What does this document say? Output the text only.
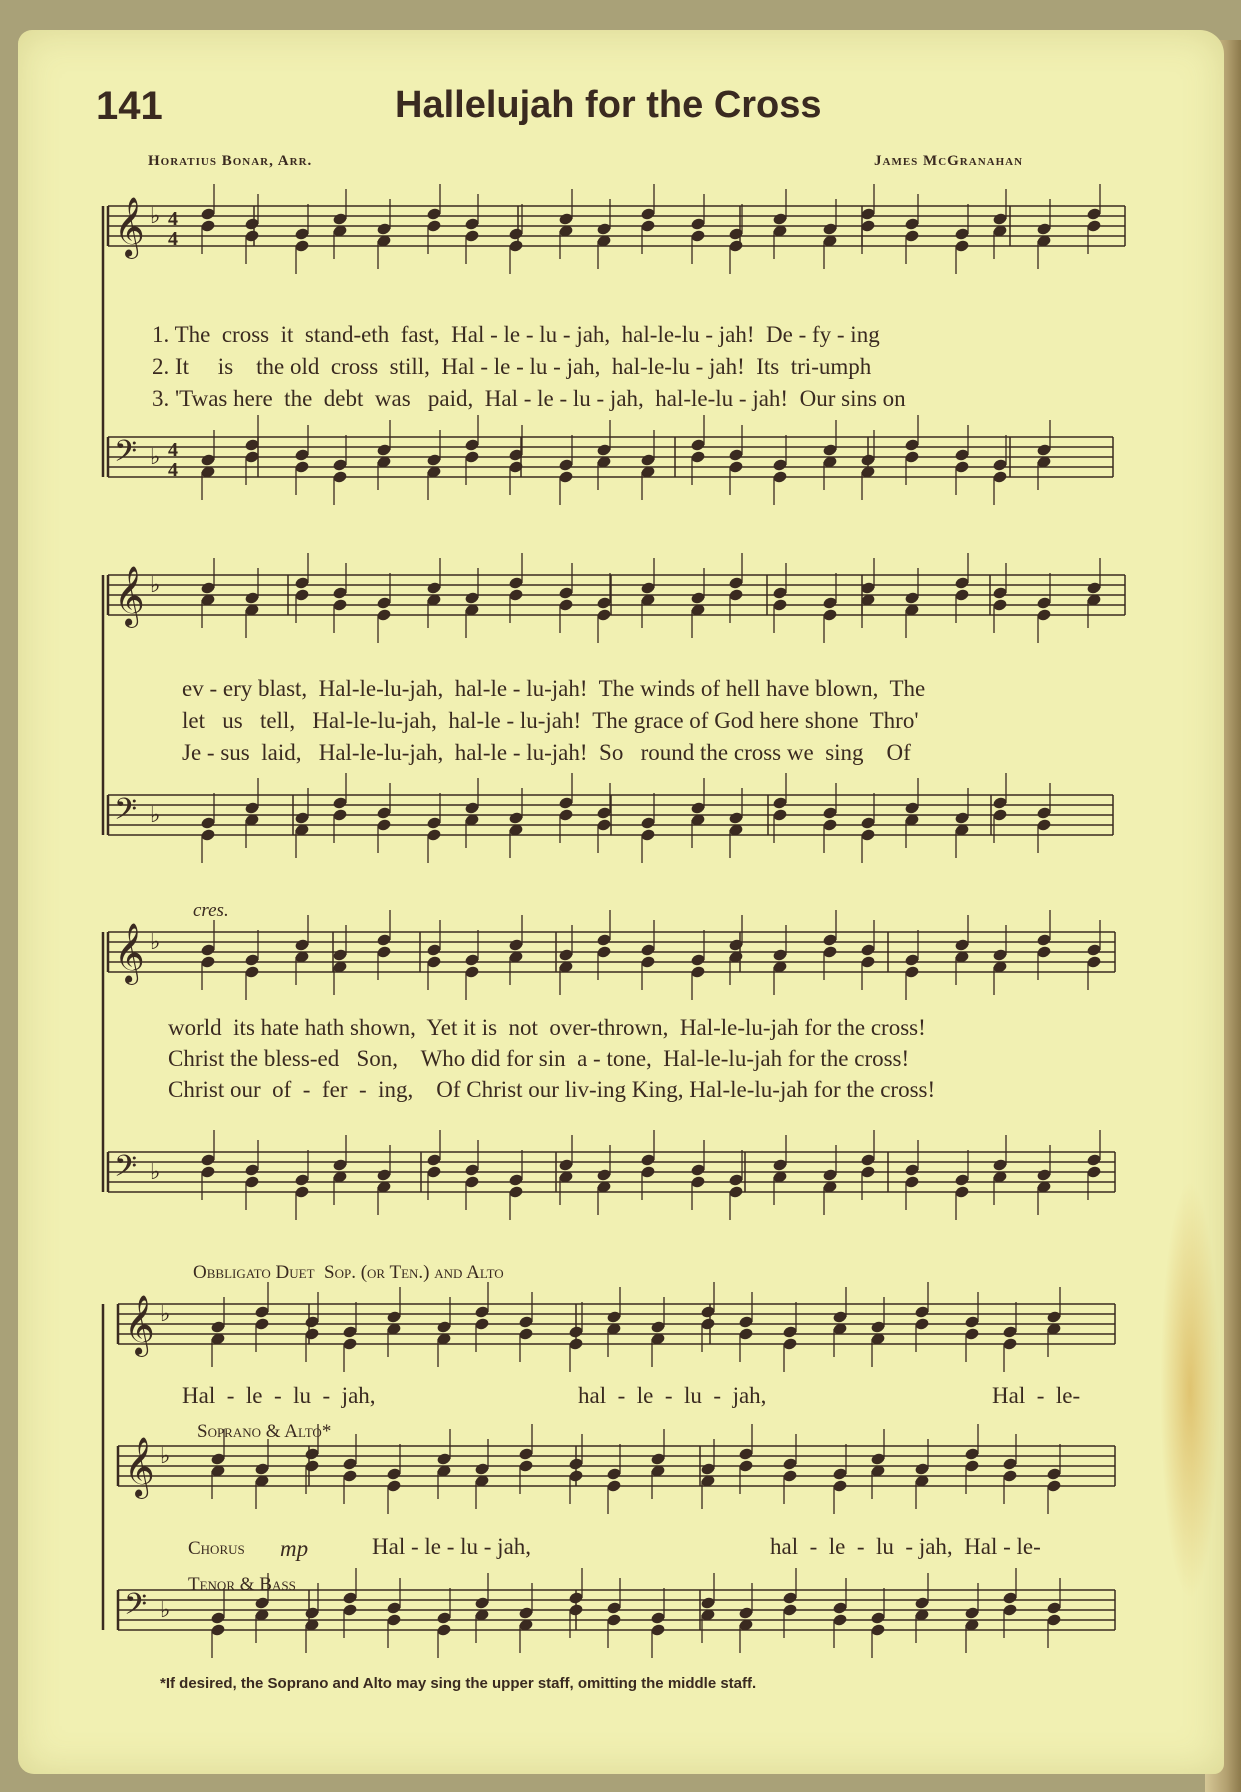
𝄞 ♭ 4
4
𝄢 ♭ 4
4
𝄞 ♭
𝄢 ♭
𝄞 ♭
𝄢 ♭
𝄞 ♭
𝄞 ♭
𝄢 ♭
141	Hallelujah for the Cross
Horatius Bonar, Arr.	James McGranahan
1. The  cross  it  stand-eth  fast,  Hal - le - lu - jah,  hal-le-lu - jah!  De - fy - ing
2. It     is    the old  cross  still,  Hal - le - lu - jah,  hal-le-lu - jah!  Its  tri-umph
3. 'Twas here  the  debt  was   paid,  Hal - le - lu - jah,  hal-le-lu - jah!  Our sins on
ev - ery blast,  Hal-le-lu-jah,  hal-le - lu-jah!  The winds of hell have blown,  The
let   us   tell,   Hal-le-lu-jah,  hal-le - lu-jah!  The grace of God here shone  Thro'
Je - sus  laid,   Hal-le-lu-jah,  hal-le - lu-jah!  So   round the cross we  sing    Of
cres.
world  its hate hath shown,  Yet it is  not  over-thrown,  Hal-le-lu-jah for the cross!
Christ the bless-ed   Son,    Who did for sin  a - tone,  Hal-le-lu-jah for the cross!
Christ our  of  -  fer  -  ing,    Of Christ our liv-ing King, Hal-le-lu-jah for the cross!
Obbligato Duet  Sop. (or Ten.) and Alto
Hal  -  le  -  lu  -  jah,	hal  -  le  -  lu  -  jah,	Hal  -  le-
Soprano & Alto*
Chorus mp	Hal - le - lu - jah,	hal  -  le  -  lu  - jah,  Hal - le-
Tenor & Bass
*If desired, the Soprano and Alto may sing the upper staff, omitting the middle staff.
